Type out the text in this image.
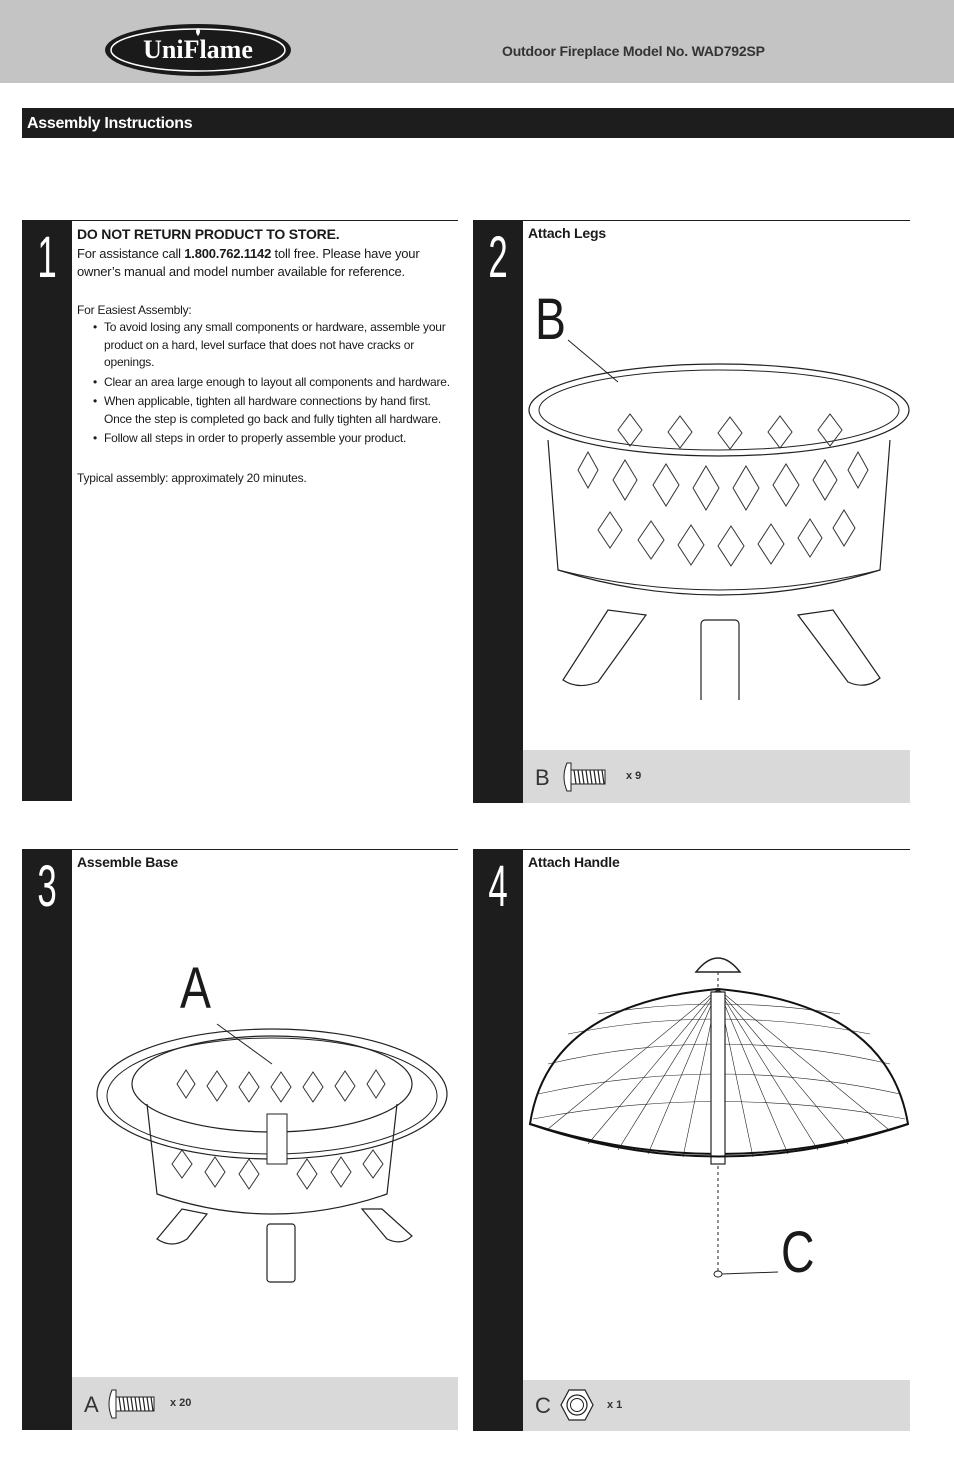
UniFlame	Outdoor Fireplace Model No. WAD792SP
Assembly Instructions
1	DO NOT RETURN PRODUCT TO STORE.
For assistance call 1.800.762.1142 toll free. Please have your owner’s manual and model number available for reference.
For Easiest Assembly:
• To avoid losing any small components or hardware, assemble your product on a hard, level surface that does not have cracks or openings.
• Clear an area large enough to layout all components and hardware.
• When applicable, tighten all hardware connections by hand first. Once the step is completed go back and fully tighten all hardware.
• Follow all steps in order to properly assemble your product.
Typical assembly: approximately 20 minutes.
2	Attach Legs
B
B	x 9
3	Assemble Base
A
A	x 20
4	Attach Handle
C
C	x 1
